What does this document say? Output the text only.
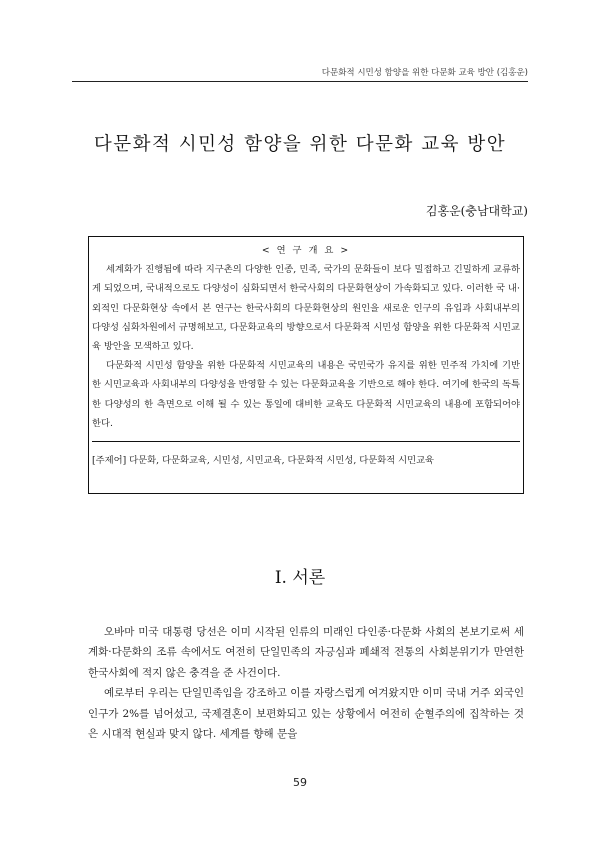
다문화적 시민성 함양을 위한 다문화 교육 방안 (김홍운)
다문화적 시민성 함양을 위한 다문화 교육 방안
김홍운(충남대학교)
< 연 구 개 요 >

세계화가 진행됨에 따라 지구촌의 다양한 인종, 민족, 국가의 문화들이 보다 밀접하고 긴밀하게 교류하게 되었으며, 국내적으로도 다양성이 심화되면서 한국사회의 다문화현상이 가속화되고 있다. 이러한 국 내·외적인 다문화현상 속에서 본 연구는 한국사회의 다문화현상의 원인을 새로운 인구의 유입과 사회내부의 다양성 심화차원에서 규명해보고, 다문화교육의 방향으로서 다문화적 시민성 함양을 위한 다문화적 시민교육 방안을 모색하고 있다.

다문화적 시민성 함양을 위한 다문화적 시민교육의 내용은 국민국가 유지를 위한 민주적 가치에 기반 한 시민교육과 사회내부의 다양성을 반영할 수 있는 다문화교육을 기반으로 해야 한다. 여기에 한국의 독특한 다양성의 한 측면으로 이해 될 수 있는 통일에 대비한 교육도 다문화적 시민교육의 내용에 포함되어야 한다.

[주제어] 다문화, 다문화교육, 시민성, 시민교육, 다문화적 시민성, 다문화적 시민교육

I. 서론

오바마 미국 대통령 당선은 이미 시작된 인류의 미래인 다인종·다문화 사회의 본보기로써 세계화·다문화의 조류 속에서도 여전히 단일민족의 자긍심과 폐쇄적 전통의 사회분위기가 만연한 한국사회에 적지 않은 충격을 준 사건이다.

예로부터 우리는 단일민족임을 강조하고 이를 자랑스럽게 여겨왔지만 이미 국내 거주 외국인 인구가 2%를 넘어섰고, 국제결혼이 보편화되고 있는 상황에서 여전히 순혈주의에 집착하는 것은 시대적 현실과 맞지 않다. 세계를 향해 문을

59
